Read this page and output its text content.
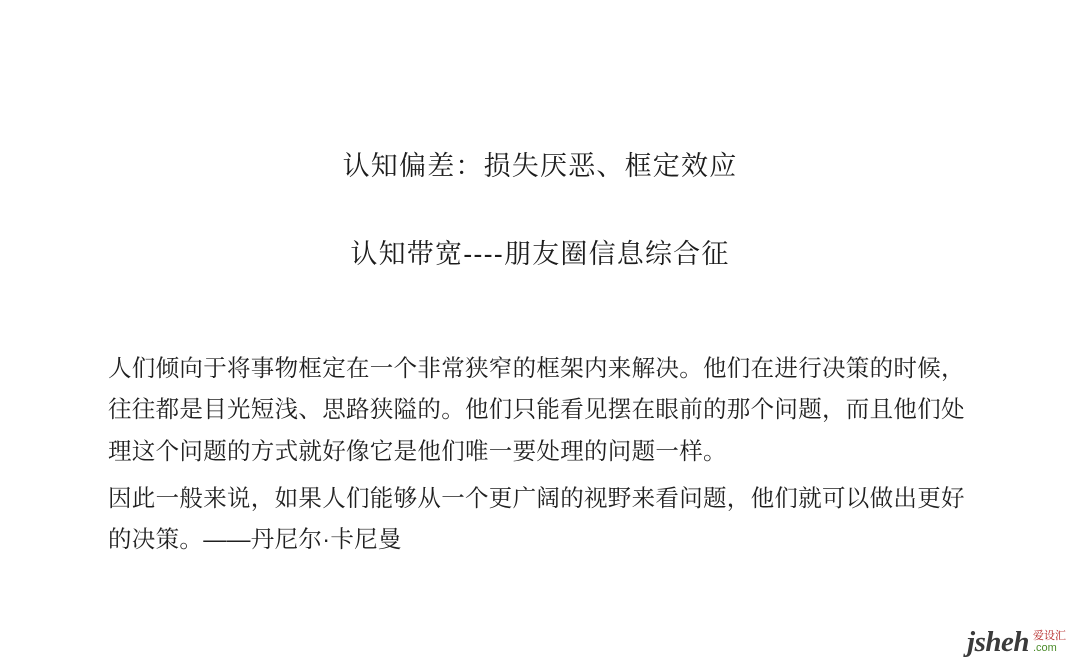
认知偏差：损失厌恶、框定效应
认知带宽----朋友圈信息综合征

人们倾向于将事物框定在一个非常狭窄的框架内来解决。他们在进行决策的时候，往往都是目光短浅、思路狭隘的。他们只能看见摆在眼前的那个问题，而且他们处理这个问题的方式就好像它是他们唯一要处理的问题一样。

因此一般来说，如果人们能够从一个更广阔的视野来看问题，他们就可以做出更好的决策。——丹尼尔·卡尼曼

jsheh 爱设汇
.com
